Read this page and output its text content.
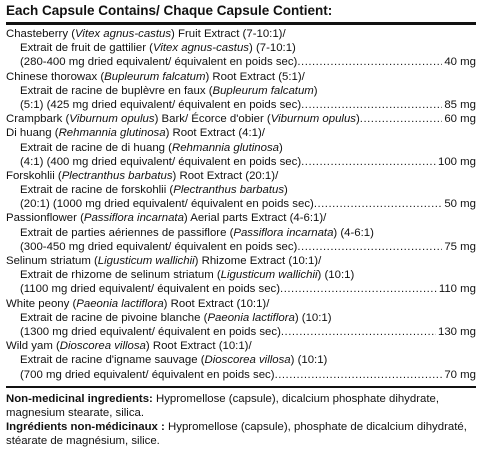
Each Capsule Contains/ Chaque Capsule Contient:
Chasteberry (Vitex agnus-castus) Fruit Extract (7-10:1)/
Extrait de fruit de gattilier (Vitex agnus-castus) (7-10:1)
(280-400 mg dried equivalent/ équivalent en poids sec) .....	40 mg
Chinese thorowax (Bupleurum falcatum) Root Extract (5:1)/
Extrait de racine de buplèvre en faux (Bupleurum falcatum)
(5:1) (425 mg dried equivalent/ équivalent en poids sec) .....	85 mg
Crampbark (Viburnum opulus) Bark/ Écorce d'obier (Viburnum opulus) .....	60 mg
Di huang (Rehmannia glutinosa) Root Extract (4:1)/
Extrait de racine de di huang (Rehmannia glutinosa)
(4:1) (400 mg dried equivalent/ équivalent en poids sec) .....	100 mg
Forskohlii (Plectranthus barbatus) Root Extract (20:1)/
Extrait de racine de forskohlii (Plectranthus barbatus)
(20:1) (1000 mg dried equivalent/ équivalent en poids sec) .....	50 mg
Passionflower (Passiflora incarnata) Aerial parts Extract (4-6:1)/
Extrait de parties aériennes de passiflore (Passiflora incarnata) (4-6:1)
(300-450 mg dried equivalent/ équivalent en poids sec) .....	75 mg
Selinum striatum (Ligusticum wallichii) Rhizome Extract (10:1)/
Extrait de rhizome de selinum striatum (Ligusticum wallichii) (10:1)
(1100 mg dried equivalent/ équivalent en poids sec) .....	110 mg
White peony (Paeonia lactiflora) Root Extract (10:1)/
Extrait de racine de pivoine blanche (Paeonia lactiflora) (10:1)
(1300 mg dried equivalent/ équivalent en poids sec) .....	130 mg
Wild yam (Dioscorea villosa) Root Extract (10:1)/
Extrait de racine d'igname sauvage (Dioscorea villosa) (10:1)
(700 mg dried equivalent/ équivalent en poids sec) .....	70 mg
Non-medicinal ingredients: Hypromellose (capsule), dicalcium phosphate dihydrate,
magnesium stearate, silica.
Ingrédients non-médicinaux : Hypromellose (capsule), phosphate de dicalcium dihydraté,
stéarate de magnésium, silice.
